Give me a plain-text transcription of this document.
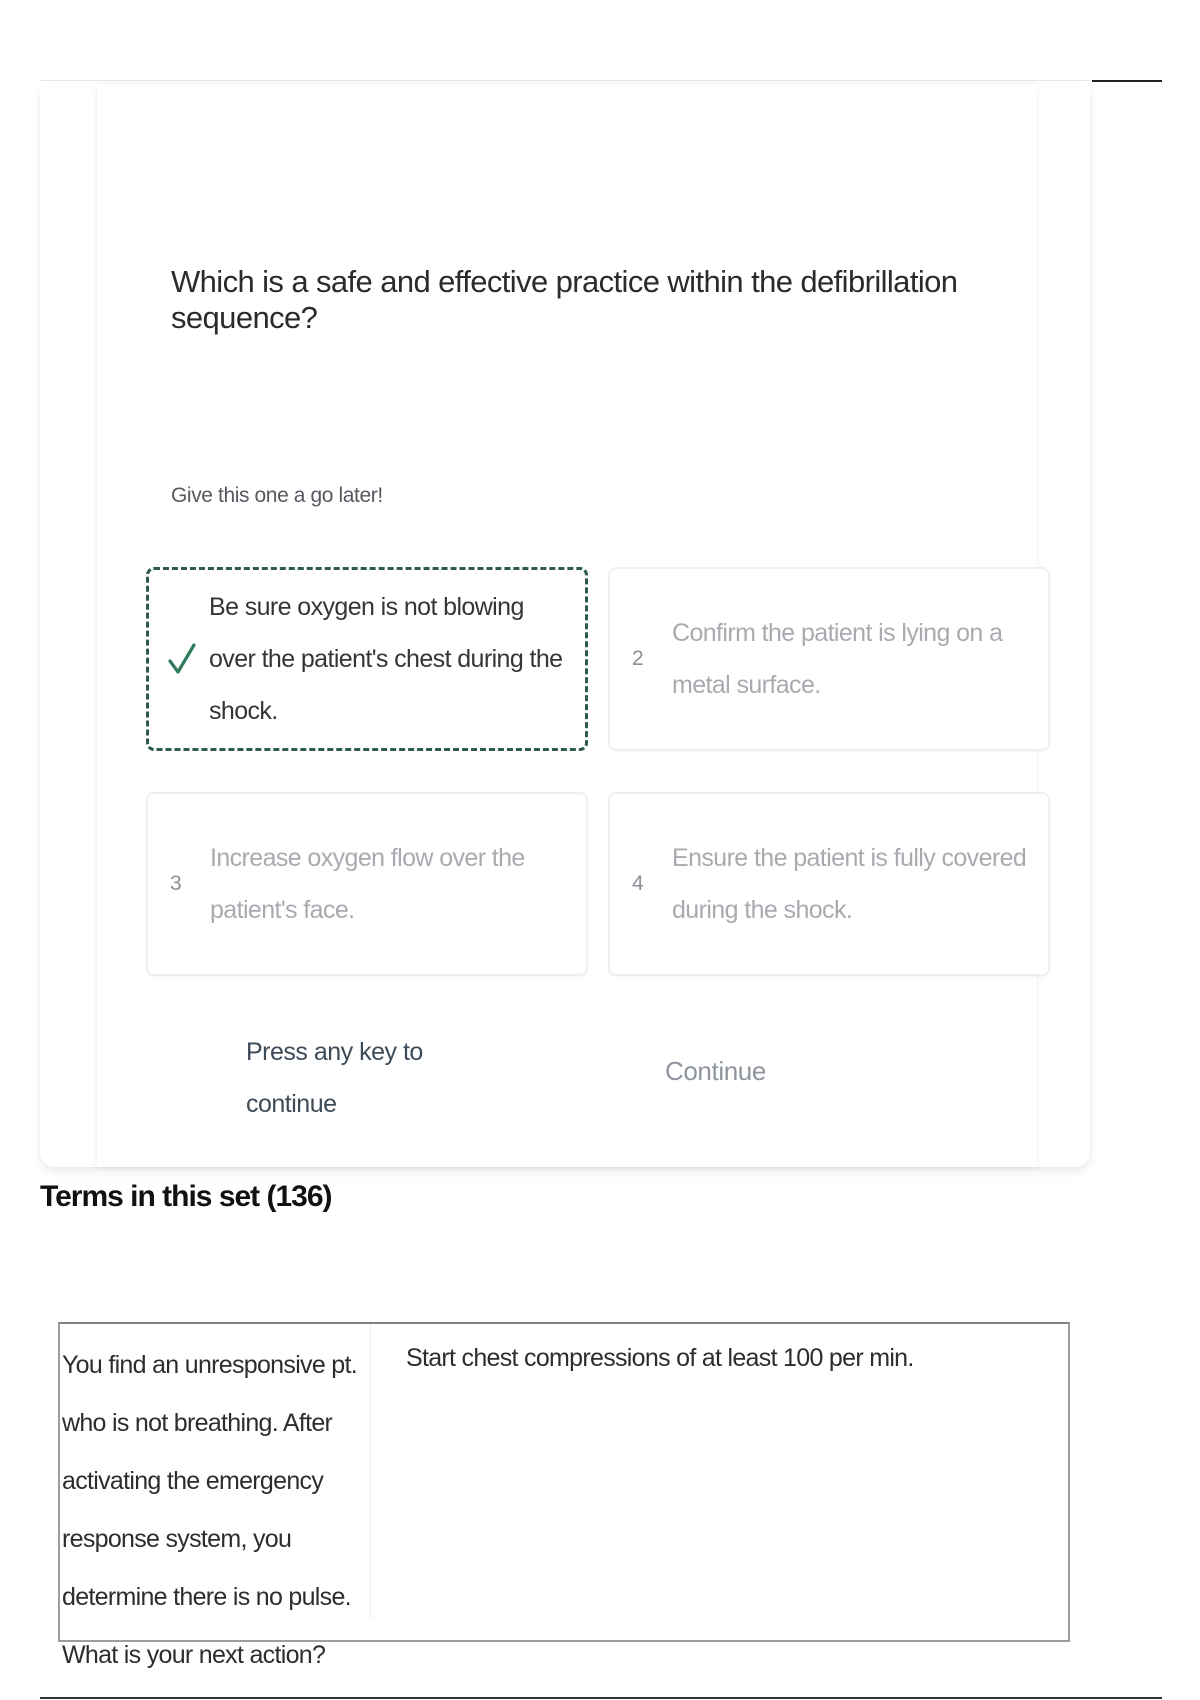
Which is a safe and effective practice within the defibrillation sequence?
Give this one a go later!
Be sure oxygen is not blowing over the patient's chest during the shock.
2
Confirm the patient is lying on a metal surface.
3
Increase oxygen flow over the patient's face.
4
Ensure the patient is fully covered during the shock.
Press any key to continue
Continue
Terms in this set (136)
You find an unresponsive pt. who is not breathing. After activating the emergency response system, you determine there is no pulse. What is your next action?
Start chest compressions of at least 100 per min.
